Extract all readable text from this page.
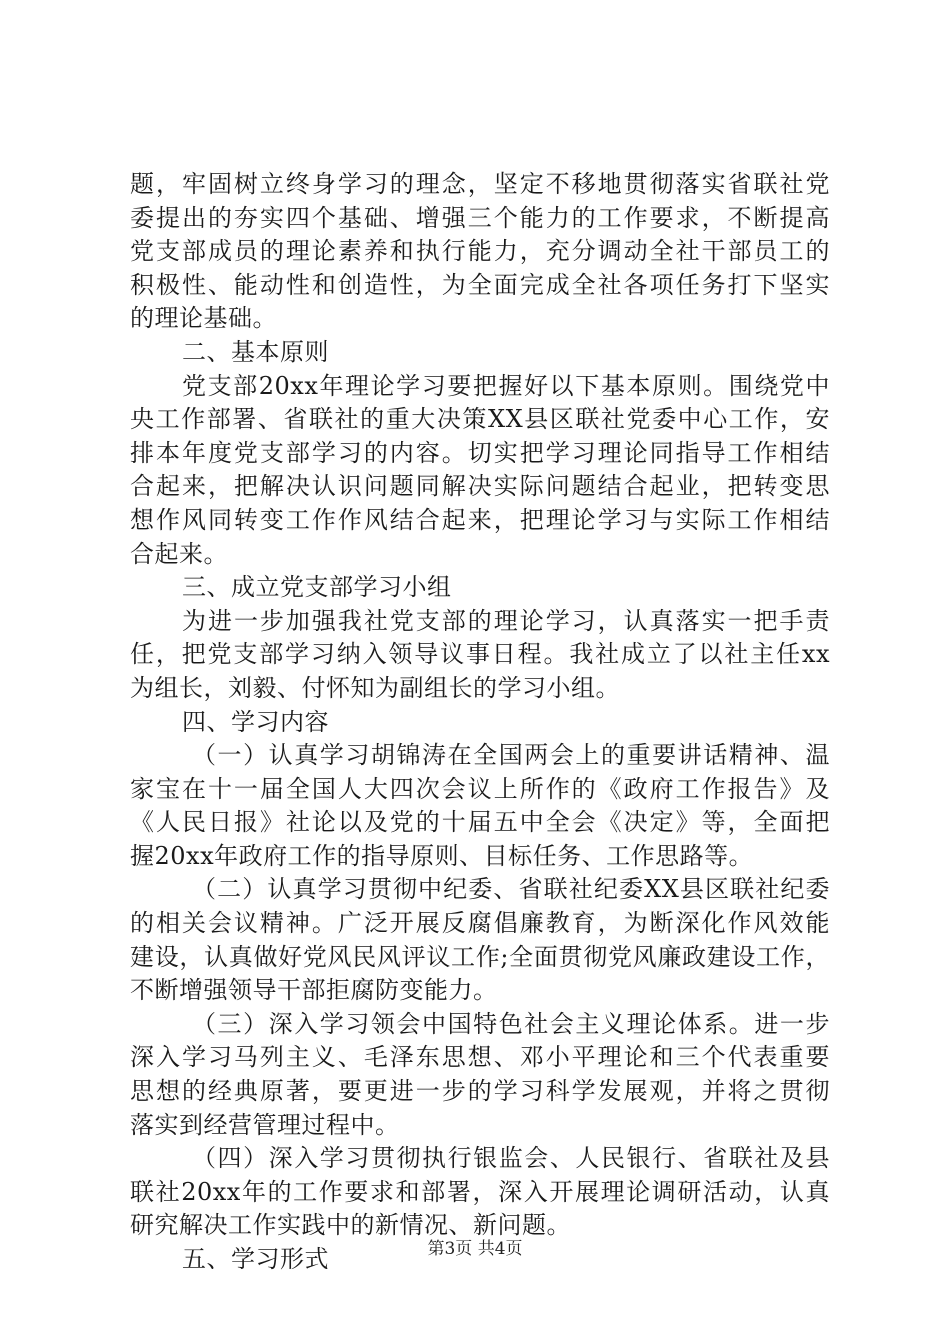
题，牢固树立终身学习的理念，坚定不移地贯彻落实省联社党
委提出的夯实四个基础、增强三个能力的工作要求，不断提高
党支部成员的理论素养和执行能力，充分调动全社干部员工的
积极性、能动性和创造性，为全面完成全社各项任务打下坚实
的理论基础。
二、基本原则
党支部20xx年理论学习要把握好以下基本原则。围绕党中
央工作部署、省联社的重大决策XX县区联社党委中心工作，安
排本年度党支部学习的内容。切实把学习理论同指导工作相结
合起来，把解决认识问题同解决实际问题结合起业，把转变思
想作风同转变工作作风结合起来，把理论学习与实际工作相结
合起来。
三、成立党支部学习小组
为进一步加强我社党支部的理论学习，认真落实一把手责
任，把党支部学习纳入领导议事日程。我社成立了以社主任xx
为组长，刘毅、付怀知为副组长的学习小组。
四、学习内容
（一）认真学习胡锦涛在全国两会上的重要讲话精神、温
家宝在十一届全国人大四次会议上所作的《政府工作报告》及
《人民日报》社论以及党的十届五中全会《决定》等，全面把
握20xx年政府工作的指导原则、目标任务、工作思路等。
（二）认真学习贯彻中纪委、省联社纪委XX县区联社纪委
的相关会议精神。广泛开展反腐倡廉教育，为断深化作风效能
建设，认真做好党风民风评议工作;全面贯彻党风廉政建设工作，
不断增强领导干部拒腐防变能力。
（三）深入学习领会中国特色社会主义理论体系。进一步
深入学习马列主义、毛泽东思想、邓小平理论和三个代表重要
思想的经典原著，要更进一步的学习科学发展观，并将之贯彻
落实到经营管理过程中。
（四）深入学习贯彻执行银监会、人民银行、省联社及县
联社20xx年的工作要求和部署，深入开展理论调研活动，认真
研究解决工作实践中的新情况、新问题。
五、学习形式	第3页 共4页
